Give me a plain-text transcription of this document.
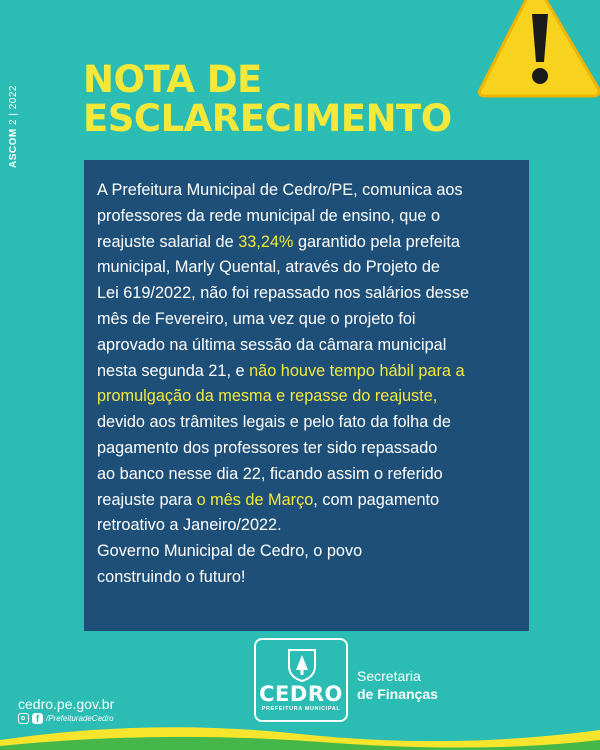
ASCOM 2 | 2022
NOTA DE
ESCLARECIMENTO
A Prefeitura Municipal de Cedro/PE, comunica aos
professores da rede municipal de ensino, que o
reajuste salarial de 33,24% garantido pela prefeita
municipal, Marly Quental, através do Projeto de
Lei 619/2022, não foi repassado nos salários desse
mês de Fevereiro, uma vez que o projeto foi
aprovado na última sessão da câmara municipal
nesta segunda 21, e não houve tempo hábil para a
promulgação da mesma e repasse do reajuste,
devido aos trâmites legais e pelo fato da folha de
pagamento dos professores ter sido repassado
ao banco nesse dia 22, ficando assim o referido
reajuste para o mês de Março, com pagamento
retroativo a Janeiro/2022.
Governo Municipal de Cedro, o povo
construindo o futuro!
cedro.pe.gov.br
f /PrefeituradeCedro
CEDRO
PREFEITURA MUNICIPAL
Secretaria
de Finanças
